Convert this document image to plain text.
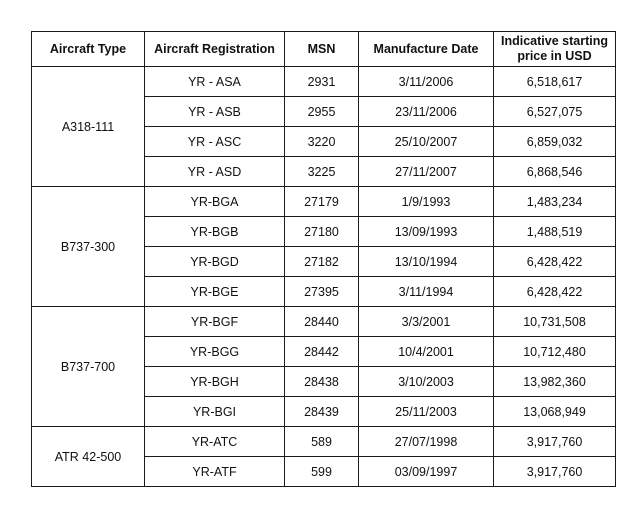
Aircraft Type	Aircraft Registration	MSN	Manufacture Date	Indicative starting price in USD
A318-111	YR - ASA	2931	3/11/2006	6,518,617
	YR - ASB	2955	23/11/2006	6,527,075
	YR - ASC	3220	25/10/2007	6,859,032
	YR - ASD	3225	27/11/2007	6,868,546
B737-300	YR-BGA	27179	1/9/1993	1,483,234
	YR-BGB	27180	13/09/1993	1,488,519
	YR-BGD	27182	13/10/1994	6,428,422
	YR-BGE	27395	3/11/1994	6,428,422
B737-700	YR-BGF	28440	3/3/2001	10,731,508
	YR-BGG	28442	10/4/2001	10,712,480
	YR-BGH	28438	3/10/2003	13,982,360
	YR-BGI	28439	25/11/2003	13,068,949
ATR 42-500	YR-ATC	589	27/07/1998	3,917,760
	YR-ATF	599	03/09/1997	3,917,760
